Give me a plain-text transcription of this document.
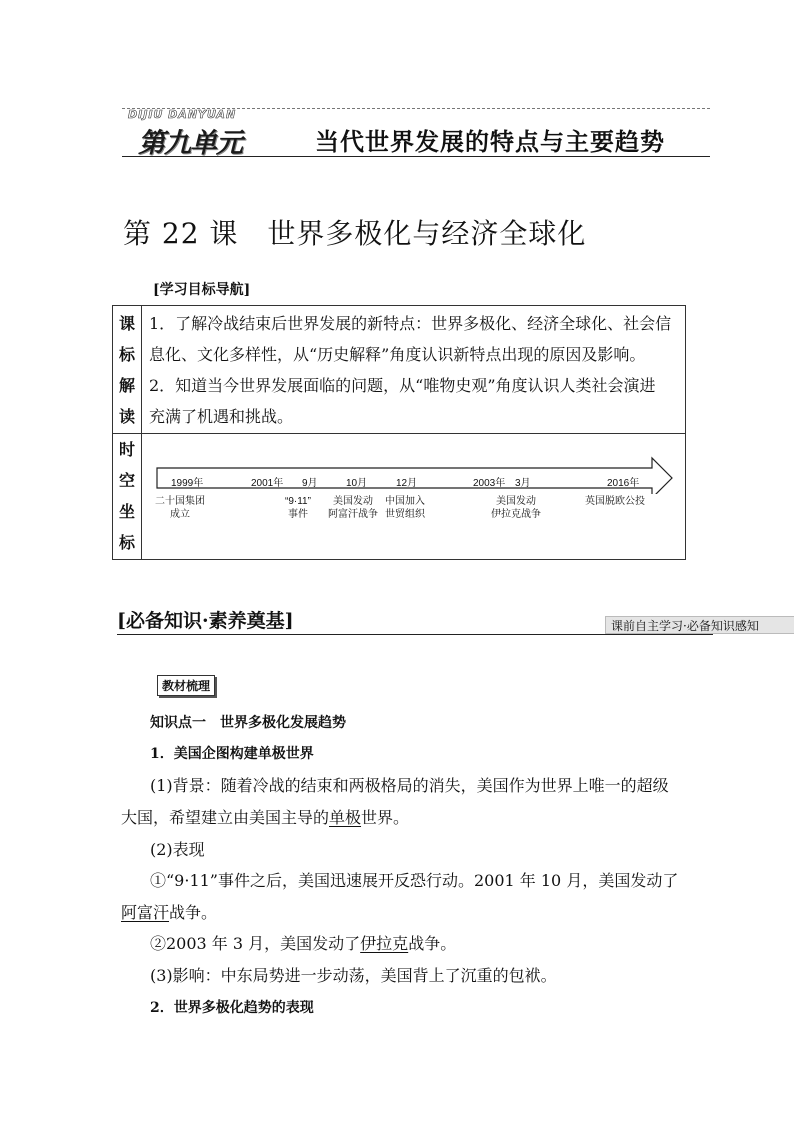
DIJIU DANYUAN
第九单元	当代世界发展的特点与主要趋势
第 22 课　世界多极化与经济全球化
[学习目标导航]
课
标
解
读
1．了解冷战结束后世界发展的新特点：世界多极化、经济全球化、社会信
息化、文化多样性，从“历史解释”角度认识新特点出现的原因及影响。
2．知道当今世界发展面临的问题，从“唯物史观”角度认识人类社会演进
充满了机遇和挑战。
时
空
坐
标
1999年	2001年 9月	10月	12月	2003年 3月	2016年
二十国集团
成立
“9·11”
事件
美国发动
阿富汗战争
中国加入
世贸组织
美国发动
伊拉克战争
英国脱欧公投
[必备知识·素养奠基]	课前自主学习·必备知识感知
教材梳理
知识点一　世界多极化发展趋势
1．美国企图构建单极世界
(1)背景：随着冷战的结束和两极格局的消失，美国作为世界上唯一的超级
大国，希望建立由美国主导的单极世界。
(2)表现
①“9·11”事件之后，美国迅速展开反恐行动。2001 年 10 月，美国发动了
阿富汗战争。
②2003 年 3 月，美国发动了伊拉克战争。
(3)影响：中东局势进一步动荡，美国背上了沉重的包袱。
2．世界多极化趋势的表现
